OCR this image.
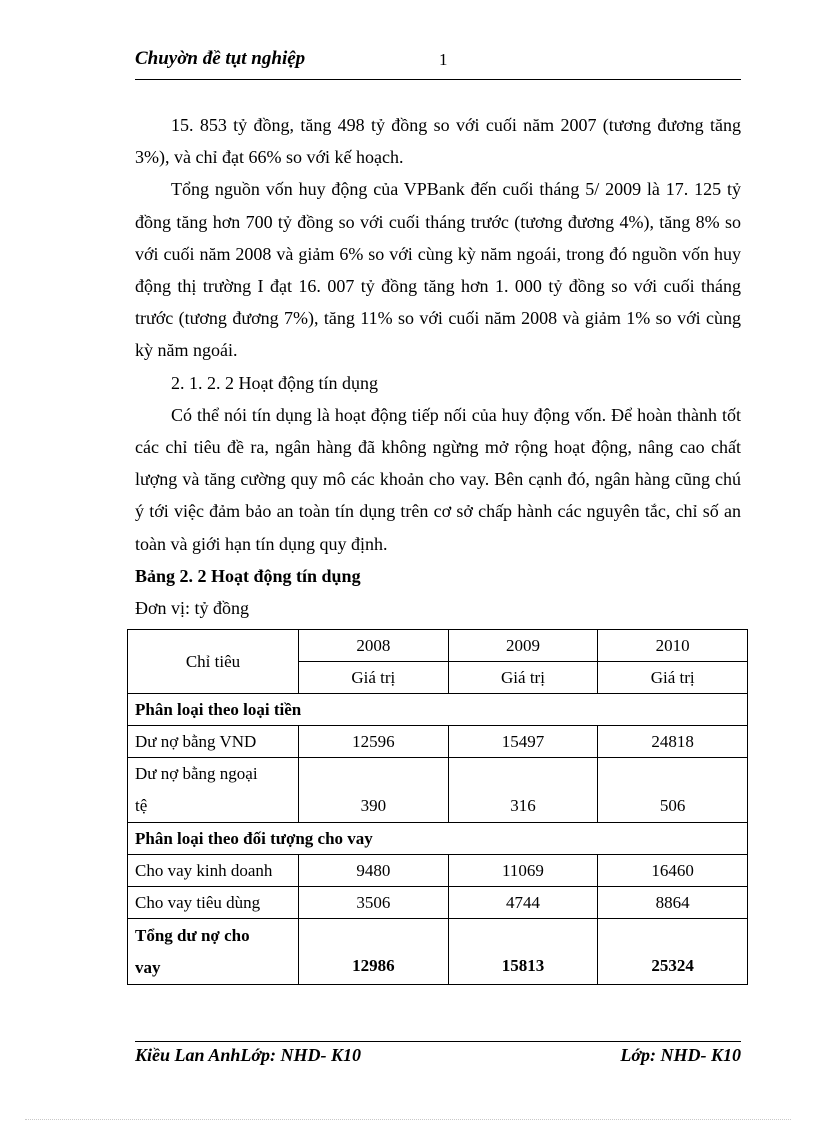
Chuyờn đề tụt nghiệp	1

15. 853 tỷ đồng, tăng 498 tỷ đồng so với cuối năm 2007 (tương đương tăng 3%), và chỉ đạt 66% so với kế hoạch.

Tổng nguồn vốn huy động của VPBank đến cuối tháng 5/ 2009 là 17. 125 tỷ đồng tăng hơn 700 tỷ đồng so với cuối tháng trước (tương đương 4%), tăng 8% so với cuối năm 2008 và giảm 6% so với cùng kỳ năm ngoái, trong đó nguồn vốn huy động thị trường I đạt 16. 007 tỷ đồng tăng hơn 1. 000 tỷ đồng so với cuối tháng trước (tương đương 7%), tăng 11% so với cuối năm 2008 và giảm 1% so với cùng kỳ năm ngoái.

2. 1. 2. 2 Hoạt động tín dụng

Có thể nói tín dụng là hoạt động tiếp nối của huy động vốn. Để hoàn thành tốt các chỉ tiêu đề ra, ngân hàng đã không ngừng mở rộng hoạt động, nâng cao chất lượng và tăng cường quy mô các khoản cho vay. Bên cạnh đó, ngân hàng cũng chú ý tới việc đảm bảo an toàn tín dụng trên cơ sở chấp hành các nguyên tắc, chỉ số an toàn và giới hạn tín dụng quy định.

Bảng 2. 2 Hoạt động tín dụng

Đơn vị: tỷ đồng

Chỉ tiêu	2008	2009	2010
	Giá trị	Giá trị	Giá trị
Phân loại theo loại tiền			
Dư nợ bằng VND	12596	15497	24818
Dư nợ bằng ngoại
tệ	390	316	506
Phân loại theo đối tượng cho vay			
Cho vay kinh doanh	9480	11069	16460
Cho vay tiêu dùng	3506	4744	8864
Tổng dư nợ cho
vay	12986	15813	25324
Kiều Lan AnhLớp: NHD- K10	Lớp: NHD- K10
